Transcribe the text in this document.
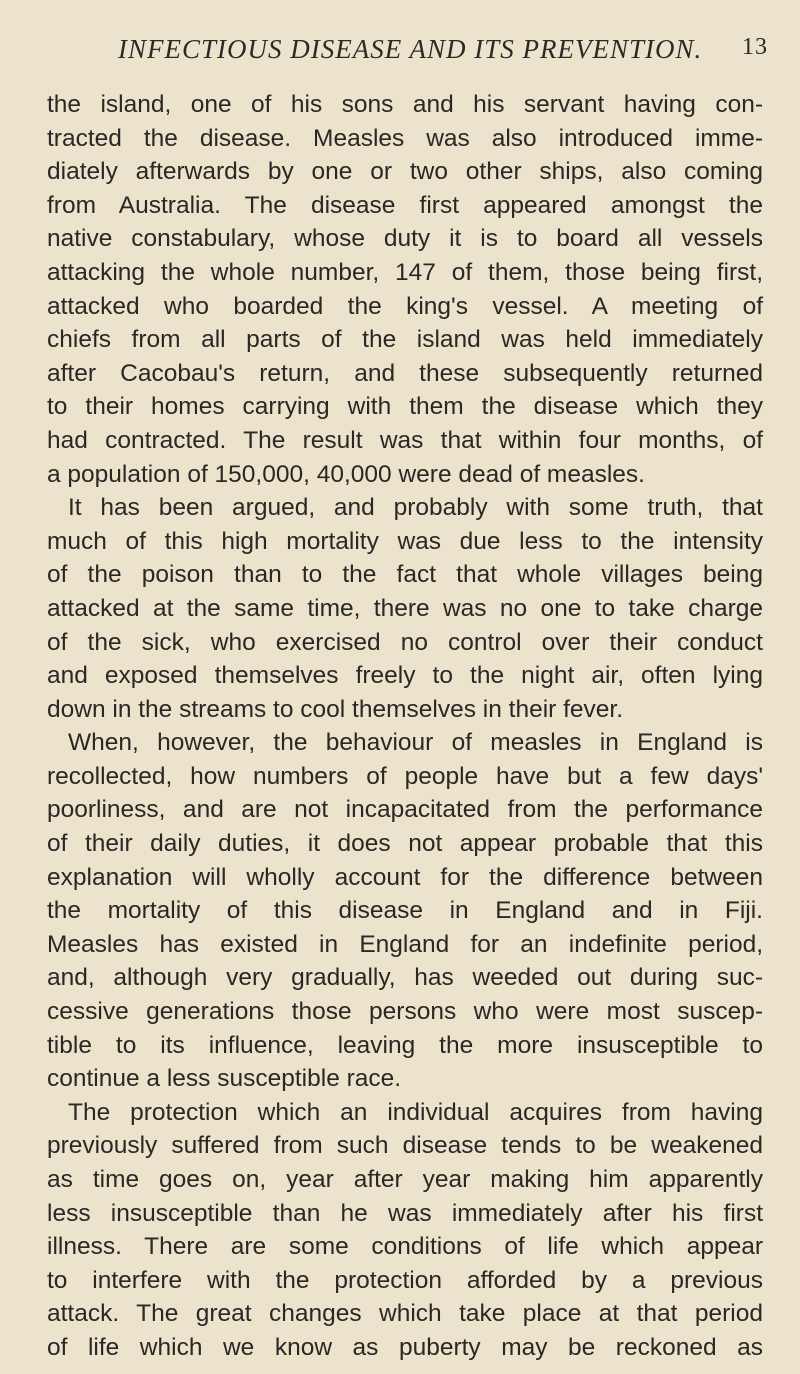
INFECTIOUS DISEASE AND ITS PREVENTION. 13
the island, one of his sons and his servant having con-
tracted the disease. Measles was also introduced imme-
diately afterwards by one or two other ships, also coming
from Australia. The disease first appeared amongst the
native constabulary, whose duty it is to board all vessels
attacking the whole number, 147 of them, those being first,
attacked who boarded the king's vessel. A meeting of
chiefs from all parts of the island was held immediately
after Cacobau's return, and these subsequently returned
to their homes carrying with them the disease which they
had contracted. The result was that within four months, of
a population of 150,000, 40,000 were dead of measles.
It has been argued, and probably with some truth, that
much of this high mortality was due less to the intensity
of the poison than to the fact that whole villages being
attacked at the same time, there was no one to take charge
of the sick, who exercised no control over their conduct
and exposed themselves freely to the night air, often lying
down in the streams to cool themselves in their fever.
When, however, the behaviour of measles in England is
recollected, how numbers of people have but a few days'
poorliness, and are not incapacitated from the performance
of their daily duties, it does not appear probable that this
explanation will wholly account for the difference between
the mortality of this disease in England and in Fiji.
Measles has existed in England for an indefinite period,
and, although very gradually, has weeded out during suc-
cessive generations those persons who were most suscep-
tible to its influence, leaving the more insusceptible to
continue a less susceptible race.
The protection which an individual acquires from having
previously suffered from such disease tends to be weakened
as time goes on, year after year making him apparently
less insusceptible than he was immediately after his first
illness. There are some conditions of life which appear
to interfere with the protection afforded by a previous
attack. The great changes which take place at that period
of life which we know as puberty may be reckoned as
